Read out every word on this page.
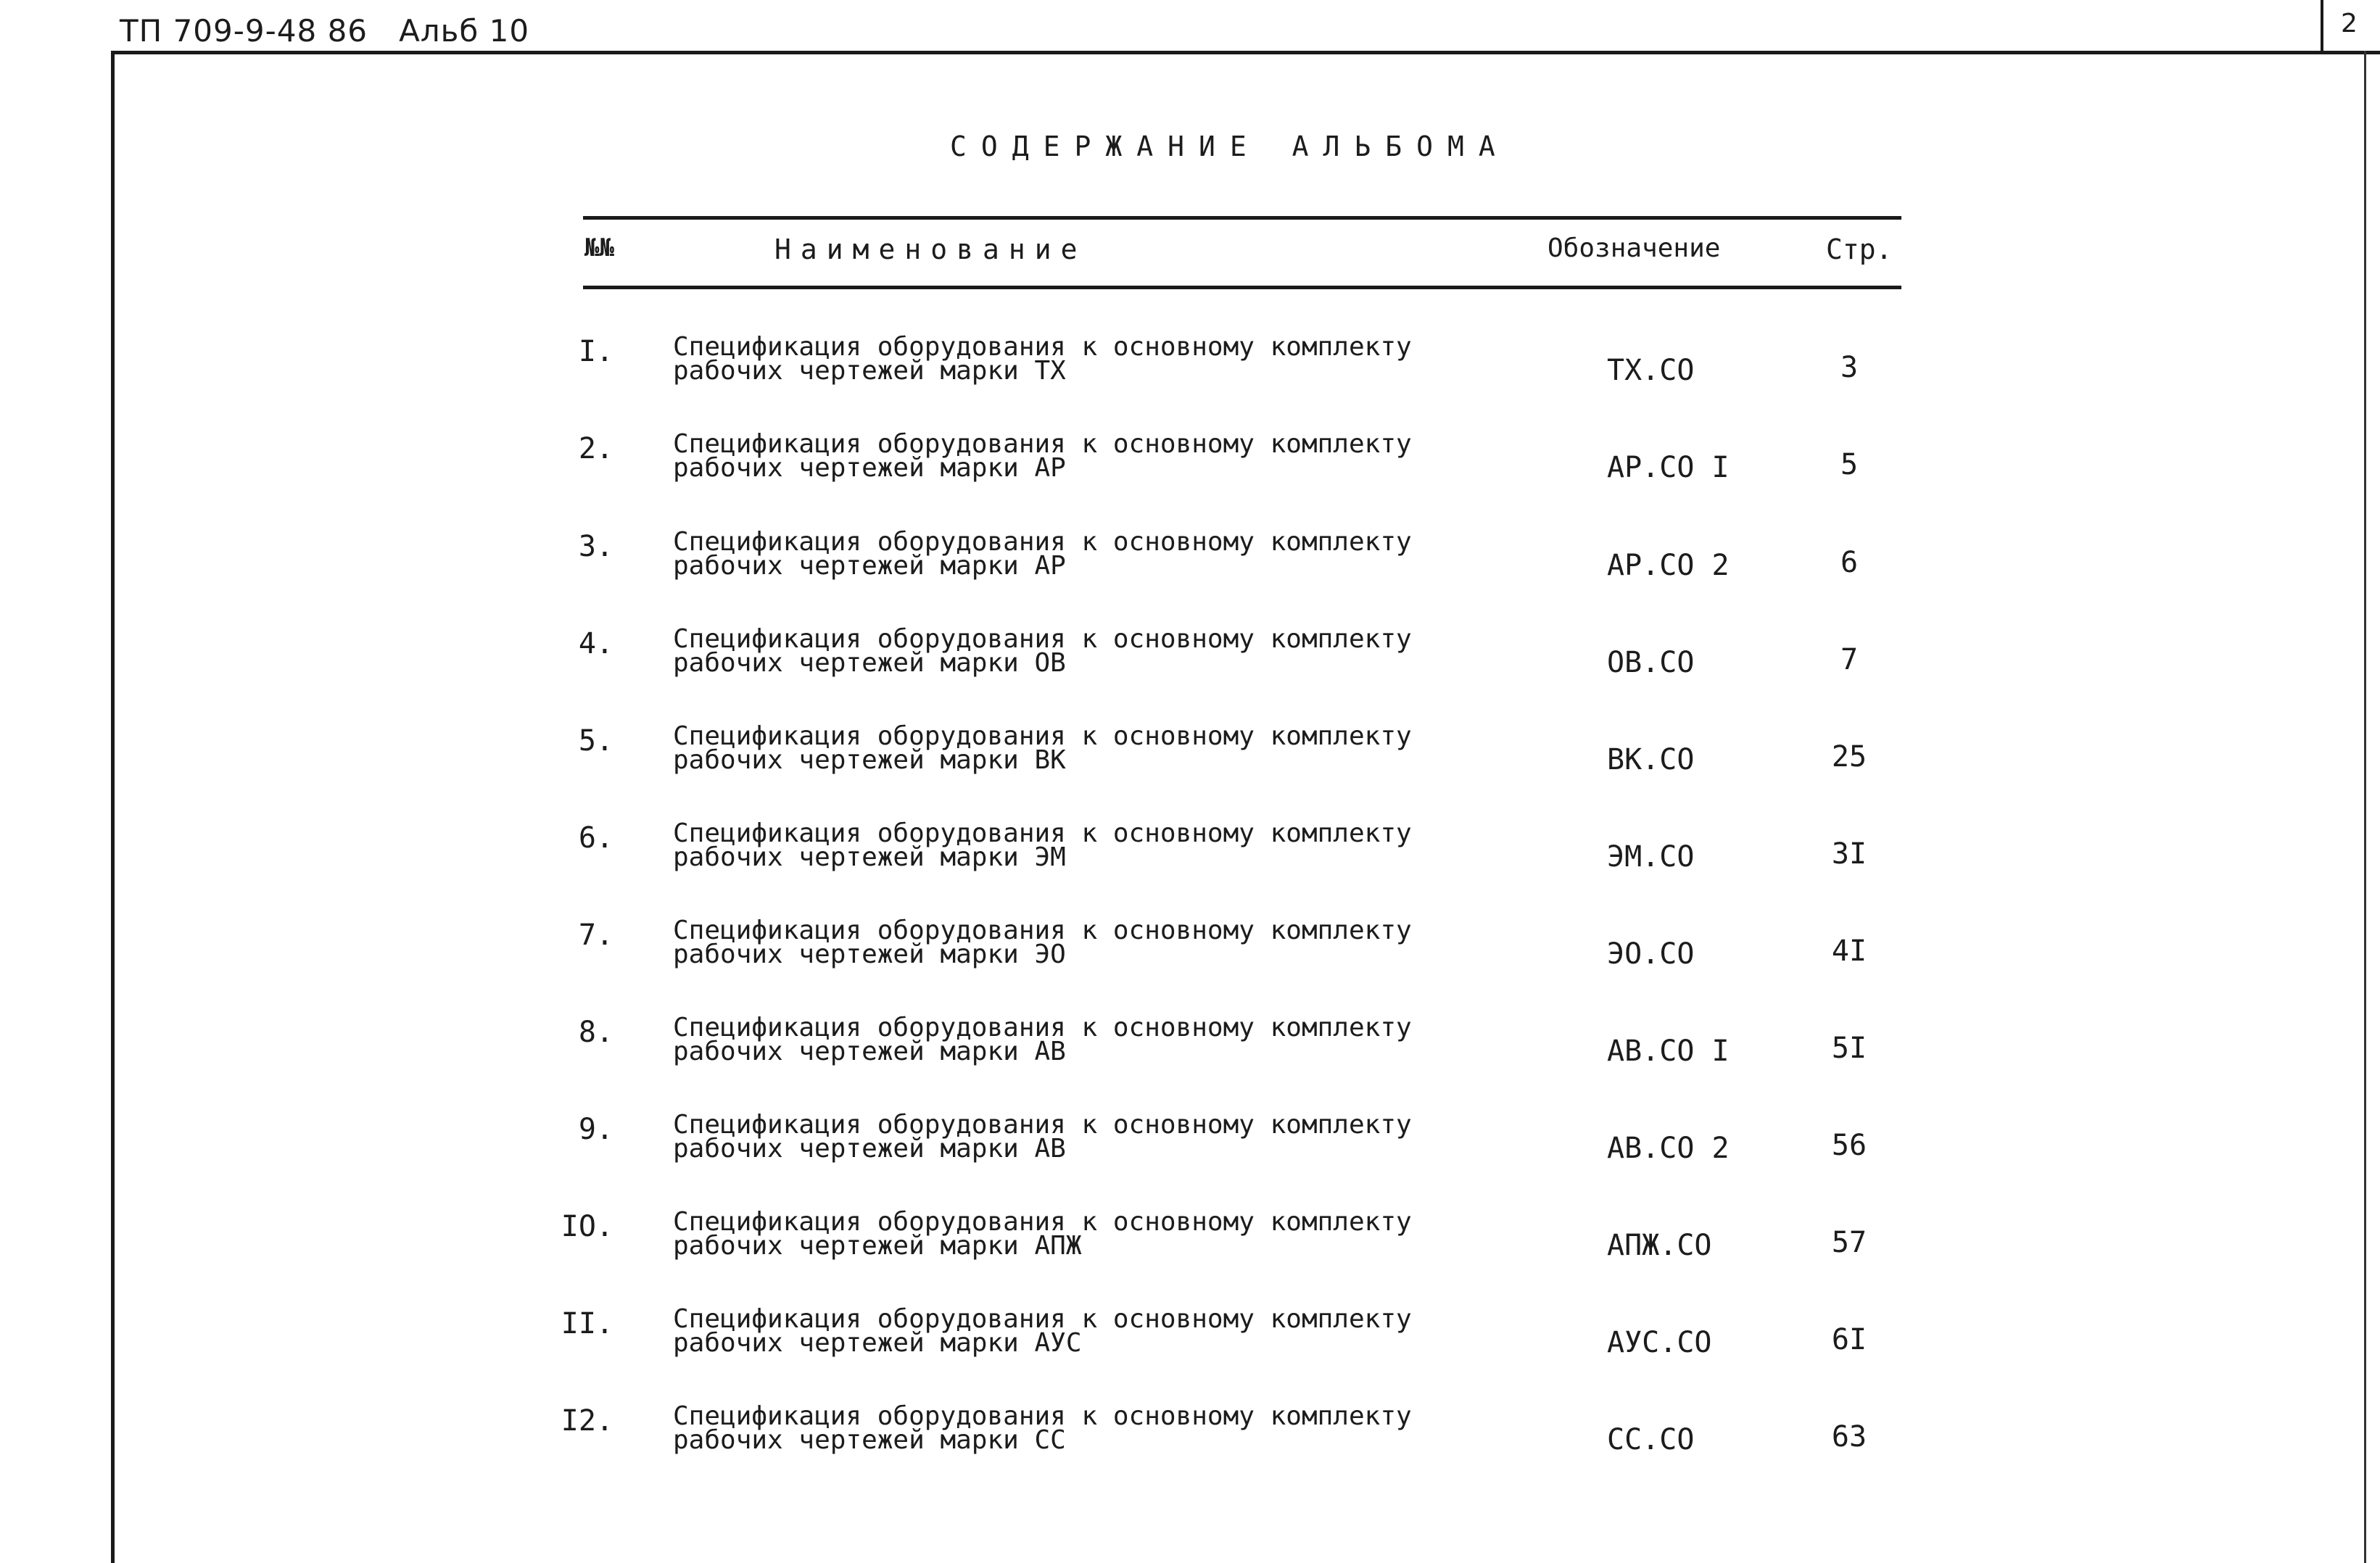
ТП 709-9-48 86   Альб 10	2
СОДЕРЖАНИЕ АЛЬБОМА
№№	Наименование	Обозначение	Стр.
I. Спецификация оборудования к основному комплекту
рабочих чертежей марки ТХ	ТХ.СО	3
2. Спецификация оборудования к основному комплекту
рабочих чертежей марки АР	АР.СО I	5
3. Спецификация оборудования к основному комплекту
рабочих чертежей марки АР	АР.СО 2	6
4. Спецификация оборудования к основному комплекту
рабочих чертежей марки ОВ	ОВ.СО	7
5. Спецификация оборудования к основному комплекту
рабочих чертежей марки ВК	ВК.СО	25
6. Спецификация оборудования к основному комплекту
рабочих чертежей марки ЭМ	ЭМ.СО	3I
7. Спецификация оборудования к основному комплекту
рабочих чертежей марки ЭО	ЭО.СО	4I
8. Спецификация оборудования к основному комплекту
рабочих чертежей марки АВ	АВ.СО I	5I
9. Спецификация оборудования к основному комплекту
рабочих чертежей марки АВ	АВ.СО 2	56
IO. Спецификация оборудования к основному комплекту
рабочих чертежей марки АПЖ	АПЖ.СО	57
II. Спецификация оборудования к основному комплекту
рабочих чертежей марки АУС	АУС.СО	6I
I2. Спецификация оборудования к основному комплекту
рабочих чертежей марки СС	СС.СО	63
